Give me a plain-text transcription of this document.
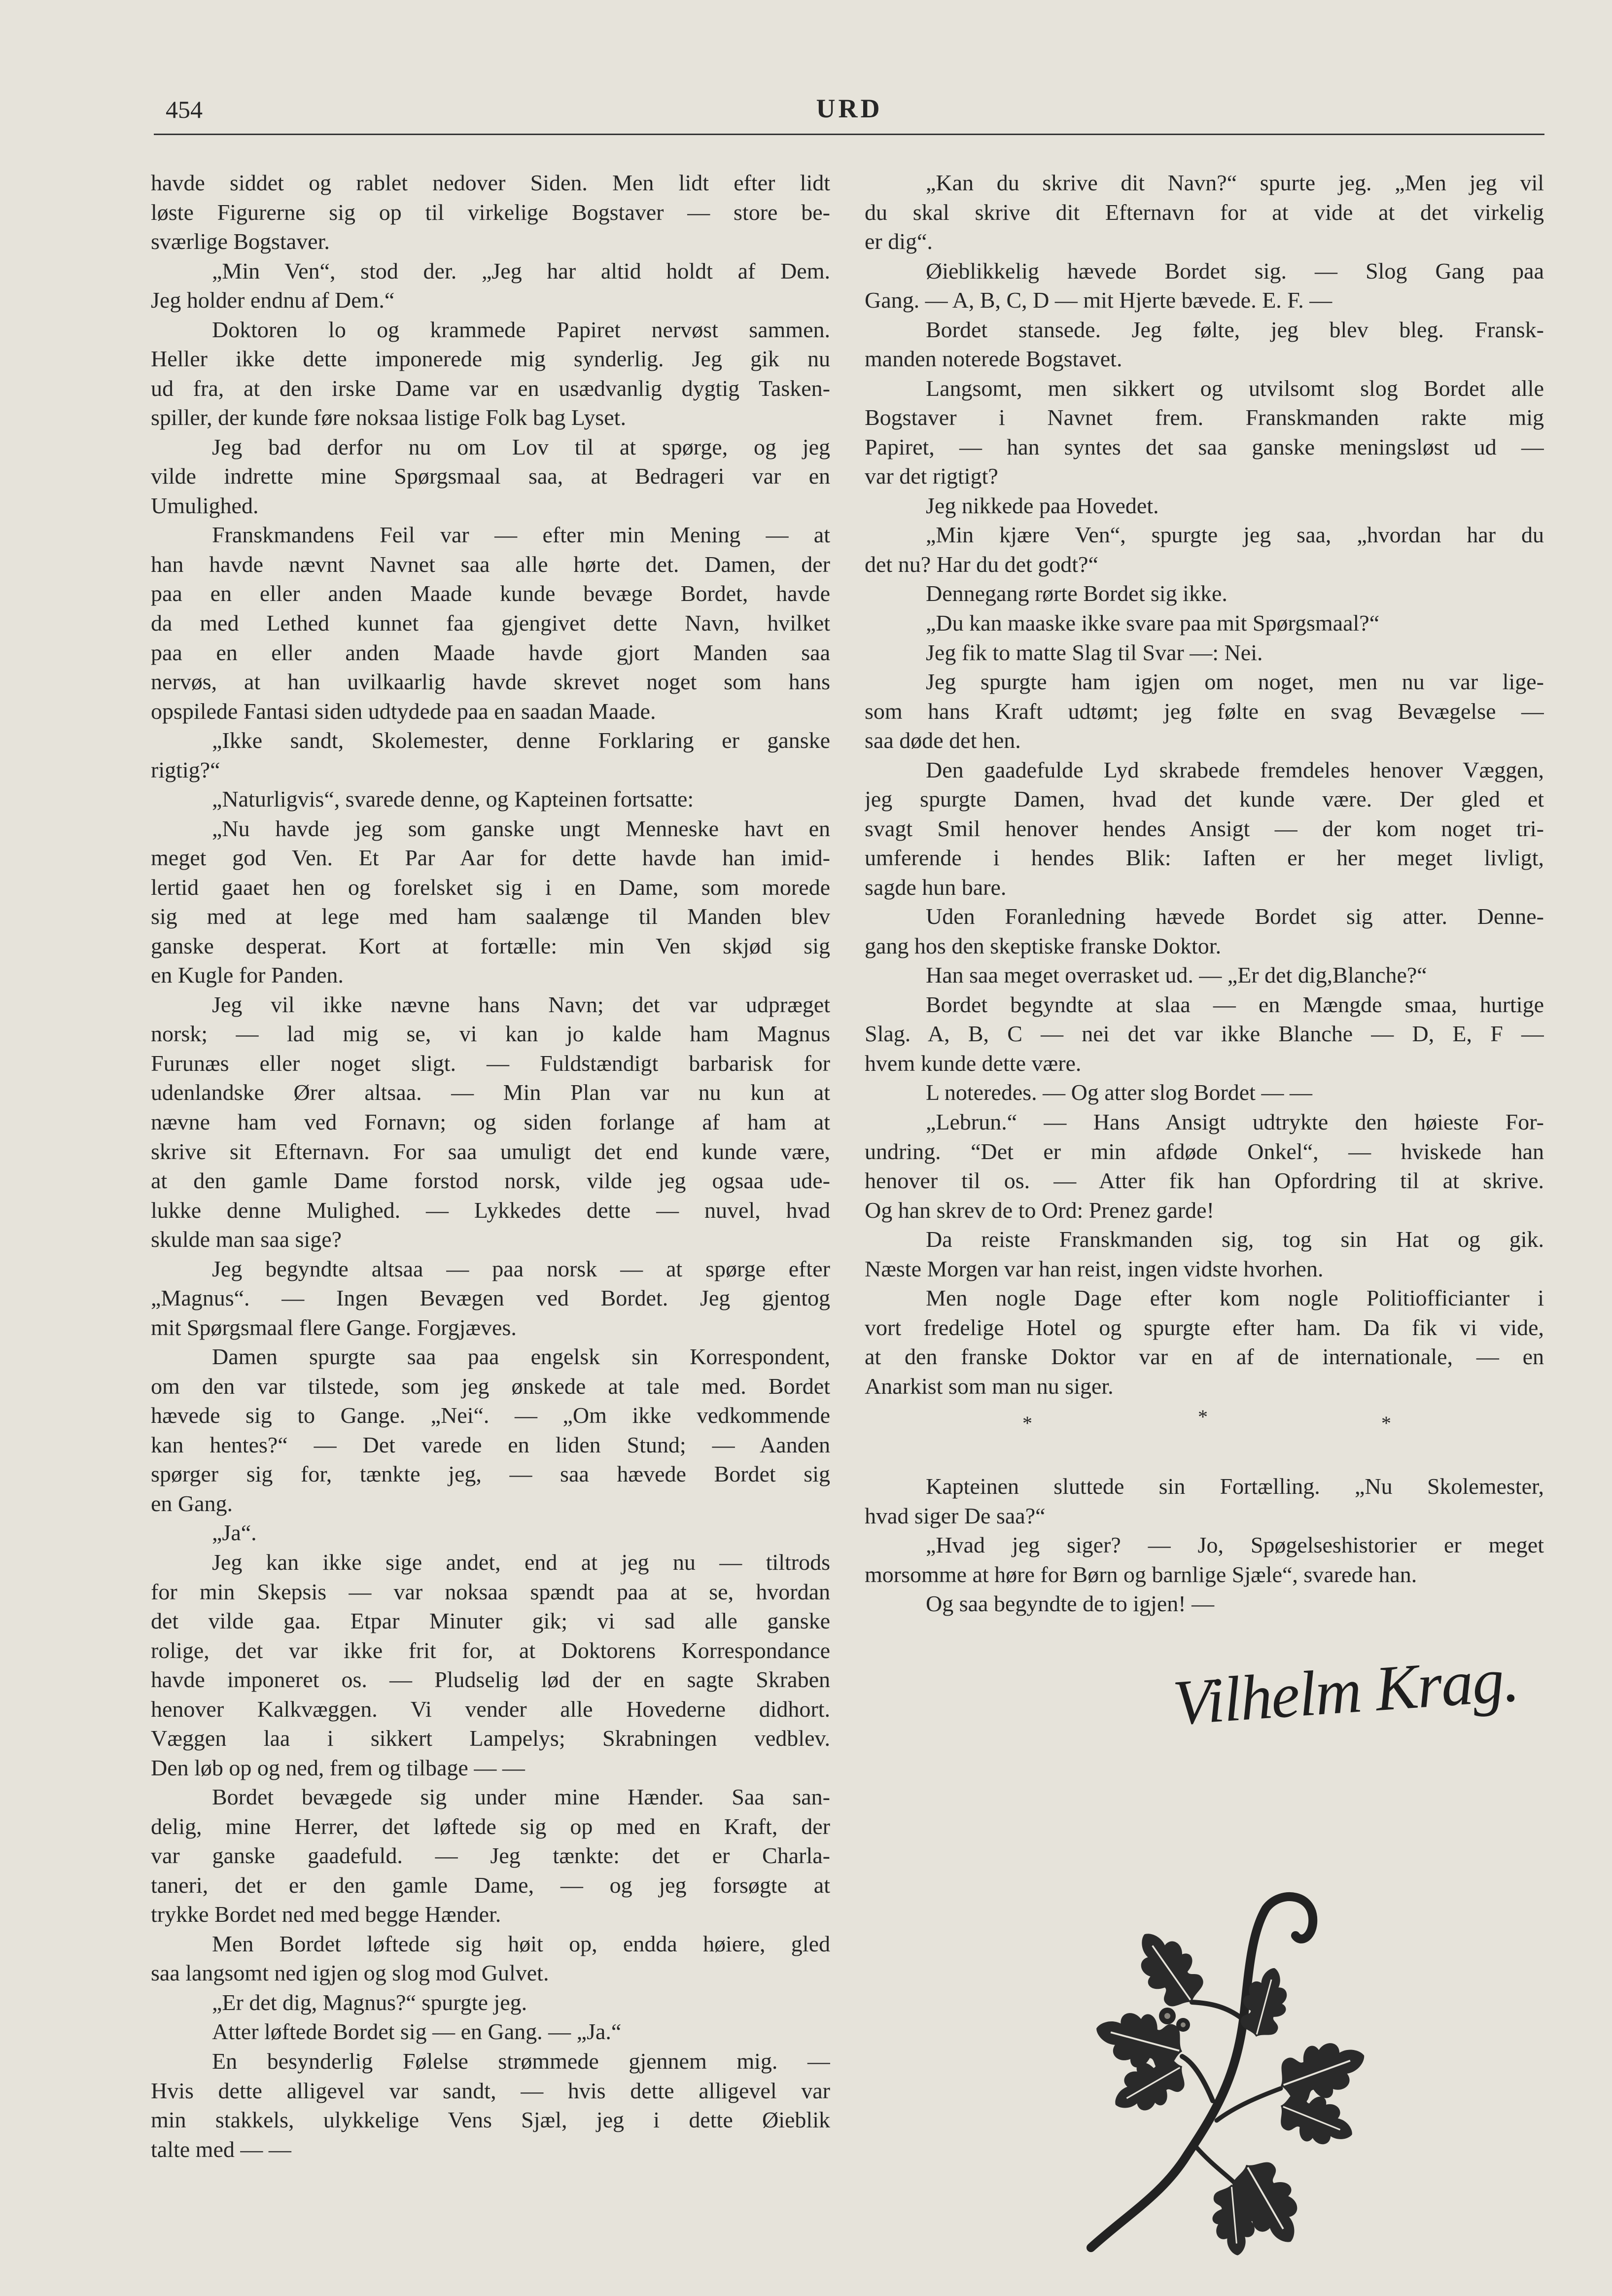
454	URD
havde siddet og rablet nedover Siden. Men lidt efter lidt
løste Figurerne sig op til virkelige Bogstaver — store be-
sværlige Bogstaver.
„Min Ven“, stod der. „Jeg har altid holdt af Dem.
Jeg holder endnu af Dem.“
Doktoren lo og krammede Papiret nervøst sammen.
Heller ikke dette imponerede mig synderlig. Jeg gik nu
ud fra, at den irske Dame var en usædvanlig dygtig Tasken-
spiller, der kunde føre noksaa listige Folk bag Lyset.
Jeg bad derfor nu om Lov til at spørge, og jeg
vilde indrette mine Spørgsmaal saa, at Bedrageri var en
Umulighed.
Franskmandens Feil var — efter min Mening — at
han havde nævnt Navnet saa alle hørte det. Damen, der
paa en eller anden Maade kunde bevæge Bordet, havde
da med Lethed kunnet faa gjengivet dette Navn, hvilket
paa en eller anden Maade havde gjort Manden saa
nervøs, at han uvilkaarlig havde skrevet noget som hans
opspilede Fantasi siden udtydede paa en saadan Maade.
„Ikke sandt, Skolemester, denne Forklaring er ganske
rigtig?“
„Naturligvis“, svarede denne, og Kapteinen fortsatte:
„Nu havde jeg som ganske ungt Menneske havt en
meget god Ven. Et Par Aar for dette havde han imid-
lertid gaaet hen og forelsket sig i en Dame, som morede
sig med at lege med ham saalænge til Manden blev
ganske desperat. Kort at fortælle: min Ven skjød sig
en Kugle for Panden.
Jeg vil ikke nævne hans Navn; det var udpræget
norsk; — lad mig se, vi kan jo kalde ham Magnus
Furunæs eller noget sligt. — Fuldstændigt barbarisk for
udenlandske Ører altsaa. — Min Plan var nu kun at
nævne ham ved Fornavn; og siden forlange af ham at
skrive sit Efternavn. For saa umuligt det end kunde være,
at den gamle Dame forstod norsk, vilde jeg ogsaa ude-
lukke denne Mulighed. — Lykkedes dette — nuvel, hvad
skulde man saa sige?
Jeg begyndte altsaa — paa norsk — at spørge efter
„Magnus“. — Ingen Bevægen ved Bordet. Jeg gjentog
mit Spørgsmaal flere Gange. Forgjæves.
Damen spurgte saa paa engelsk sin Korrespondent,
om den var tilstede, som jeg ønskede at tale med. Bordet
hævede sig to Gange. „Nei“. — „Om ikke vedkommende
kan hentes?“ — Det varede en liden Stund; — Aanden
spørger sig for, tænkte jeg, — saa hævede Bordet sig
en Gang.
„Ja“.
Jeg kan ikke sige andet, end at jeg nu — tiltrods
for min Skepsis — var noksaa spændt paa at se, hvordan
det vilde gaa. Etpar Minuter gik; vi sad alle ganske
rolige, det var ikke frit for, at Doktorens Korrespondance
havde imponeret os. — Pludselig lød der en sagte Skraben
henover Kalkvæggen. Vi vender alle Hovederne didhort.
Væggen laa i sikkert Lampelys; Skrabningen vedblev.
Den løb op og ned, frem og tilbage — —
Bordet bevægede sig under mine Hænder. Saa san-
delig, mine Herrer, det løftede sig op med en Kraft, der
var ganske gaadefuld. — Jeg tænkte: det er Charla-
taneri, det er den gamle Dame, — og jeg forsøgte at
trykke Bordet ned med begge Hænder.
Men Bordet løftede sig høit op, endda høiere, gled
saa langsomt ned igjen og slog mod Gulvet.
„Er det dig, Magnus?“ spurgte jeg.
Atter løftede Bordet sig — en Gang. — „Ja.“
En besynderlig Følelse strømmede gjennem mig. —
Hvis dette alligevel var sandt, — hvis dette alligevel var
min stakkels, ulykkelige Vens Sjæl, jeg i dette Øieblik
talte med — —
„Kan du skrive dit Navn?“ spurte jeg. „Men jeg vil
du skal skrive dit Efternavn for at vide at det virkelig
er dig“.
Øieblikkelig hævede Bordet sig. — Slog Gang paa
Gang. — A, B, C, D — mit Hjerte bævede. E. F. —
Bordet stansede. Jeg følte, jeg blev bleg. Fransk-
manden noterede Bogstavet.
Langsomt, men sikkert og utvilsomt slog Bordet alle
Bogstaver i Navnet frem. Franskmanden rakte mig
Papiret, — han syntes det saa ganske meningsløst ud —
var det rigtigt?
Jeg nikkede paa Hovedet.
„Min kjære Ven“, spurgte jeg saa, „hvordan har du
det nu? Har du det godt?“
Dennegang rørte Bordet sig ikke.
„Du kan maaske ikke svare paa mit Spørgsmaal?“
Jeg fik to matte Slag til Svar —: Nei.
Jeg spurgte ham igjen om noget, men nu var lige-
som hans Kraft udtømt; jeg følte en svag Bevægelse —
saa døde det hen.
Den gaadefulde Lyd skrabede fremdeles henover Væggen,
jeg spurgte Damen, hvad det kunde være. Der gled et
svagt Smil henover hendes Ansigt — der kom noget tri-
umferende i hendes Blik: Iaften er her meget livligt,
sagde hun bare.
Uden Foranledning hævede Bordet sig atter. Denne-
gang hos den skeptiske franske Doktor.
Han saa meget overrasket ud. — „Er det dig,Blanche?“
Bordet begyndte at slaa — en Mængde smaa, hurtige
Slag. A, B, C — nei det var ikke Blanche — D, E, F —
hvem kunde dette være.
L noteredes. — Og atter slog Bordet — —
„Lebrun.“ — Hans Ansigt udtrykte den høieste For-
undring. “Det er min afdøde Onkel“, — hviskede han
henover til os. — Atter fik han Opfordring til at skrive.
Og han skrev de to Ord: Prenez garde!
Da reiste Franskmanden sig, tog sin Hat og gik.
Næste Morgen var han reist, ingen vidste hvorhen.
Men nogle Dage efter kom nogle Politiofficianter i
vort fredelige Hotel og spurgte efter ham. Da fik vi vide,
at den franske Doktor var en af de internationale, — en
Anarkist som man nu siger.
*	*	*
Kapteinen sluttede sin Fortælling. „Nu Skolemester,
hvad siger De saa?“
„Hvad jeg siger? — Jo, Spøgelseshistorier er meget
morsomme at høre for Børn og barnlige Sjæle“, svarede han.
Og saa begyndte de to igjen! —
Vilhelm Krag.
